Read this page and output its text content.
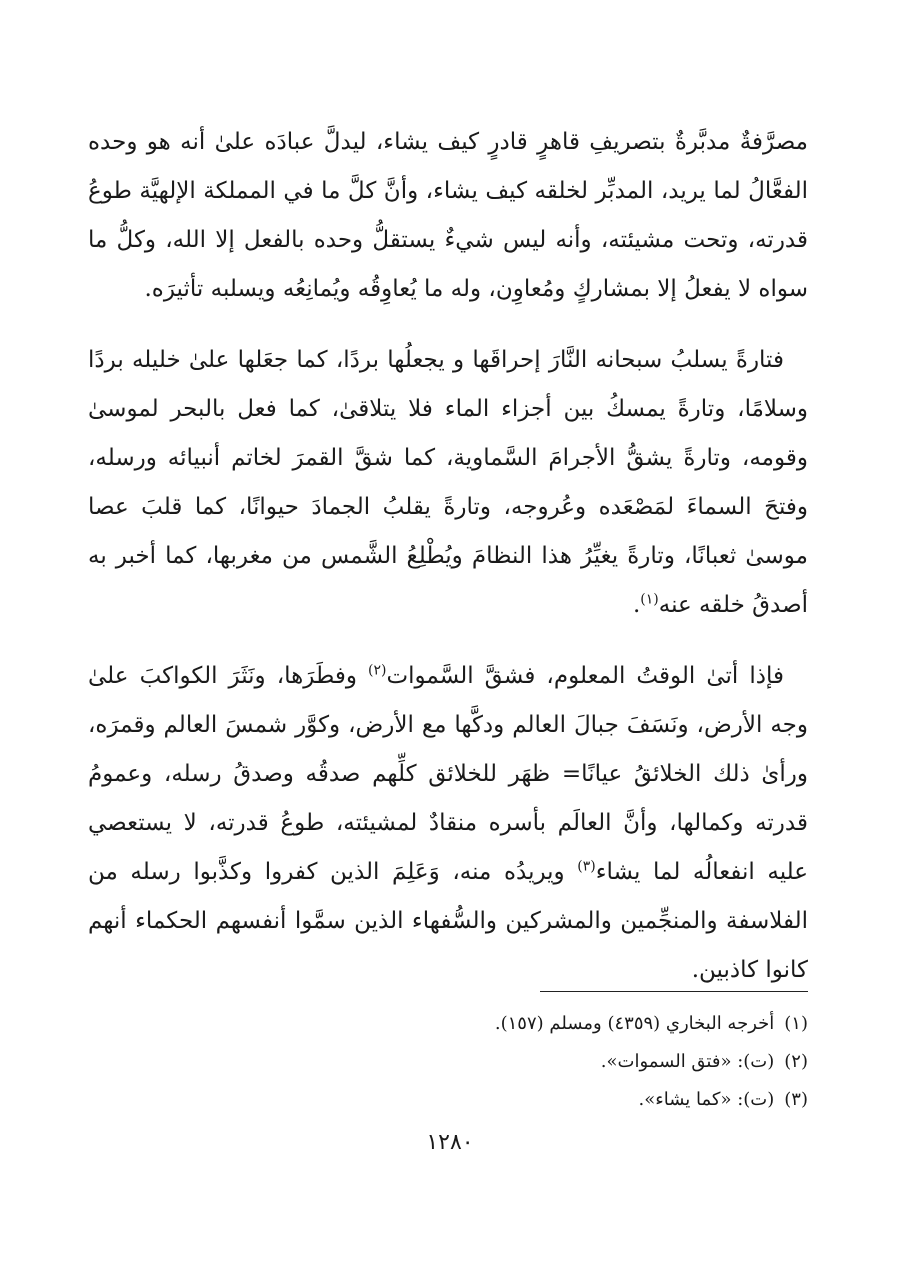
مصرَّفةٌ مدبَّرةٌ بتصريفِ قاهرٍ قادرٍ كيف يشاء، ليدلَّ عبادَه علىٰ أنه هو وحده الفعَّالُ لما يريد، المدبِّر لخلقه كيف يشاء، وأنَّ كلَّ ما في المملكة الإلهيَّة طوعُ قدرته، وتحت مشيئته، وأنه ليس شيءٌ يستقلُّ وحده بالفعل إلا الله، وكلُّ ما سواه لا يفعلُ إلا بمشاركٍ ومُعاوِن، وله ما يُعاوِقُه ويُمانِعُه ويسلبه تأثيرَه.

فتارةً يسلبُ سبحانه النَّارَ إحراقَها و يجعلُها بردًا، كما جعَلها علىٰ خليله بردًا وسلامًا، وتارةً يمسكُ بين أجزاء الماء فلا يتلاقىٰ، كما فعل بالبحر لموسىٰ وقومه، وتارةً يشقُّ الأجرامَ السَّماوية، كما شقَّ القمرَ لخاتم أنبيائه ورسله، وفتحَ السماءَ لمَصْعَده وعُروجه، وتارةً يقلبُ الجمادَ حيوانًا، كما قلبَ عصا موسىٰ ثعبانًا، وتارةً يغيِّرُ هذا النظامَ ويُطْلِعُ الشَّمس من مغربها، كما أخبر به أصدقُ خلقه عنه$^{(١)}$.

فإذا أتىٰ الوقتُ المعلوم، فشقَّ السَّموات$^{(٢)}$ وفطَرَها، ونَثَرَ الكواكبَ علىٰ وجه الأرض، ونَسَفَ جبالَ العالم ودكَّها مع الأرض، وكوَّر شمسَ العالم وقمرَه، ورأىٰ ذلك الخلائقُ عيانًا= ظهَر للخلائق كلِّهم صدقُه وصدقُ رسله، وعمومُ قدرته وكمالها، وأنَّ العالَم بأسره منقادٌ لمشيئته، طوعُ قدرته، لا يستعصي عليه انفعالُه لما يشاء$^{(٣)}$ ويريدُه منه، وَعَلِمَ الذين كفروا وكذَّبوا رسله من الفلاسفة والمنجِّمين والمشركين والسُّفهاء الذين سمَّوا أنفسهم الحكماء أنهم كانوا كاذبين.

(١)أخرجه البخاري (٤٣٥٩) ومسلم (١٥٧).
(٢)(ت): «فتق السموات».
(٣)(ت): «كما يشاء».
١٢٨٠
